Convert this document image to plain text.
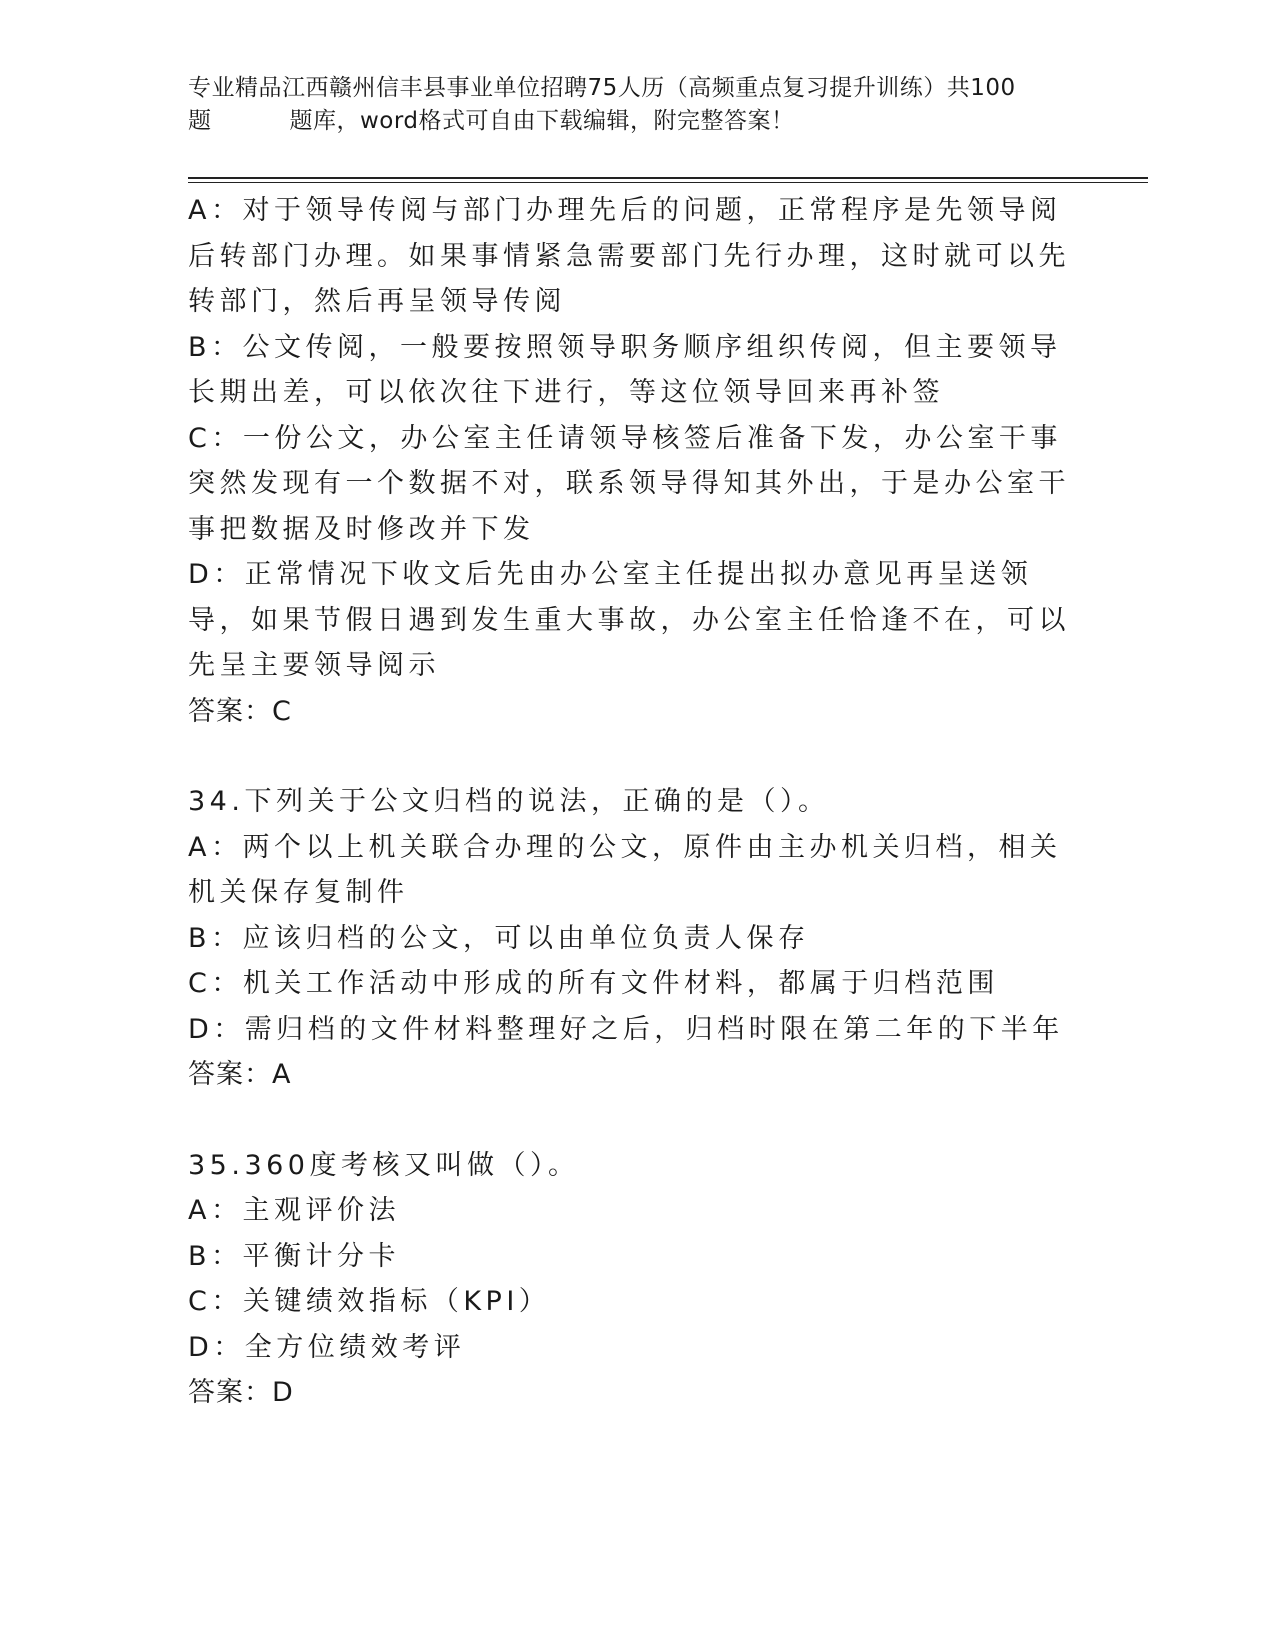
专业精品江西赣州信丰县事业单位招聘75人历（高频重点复习提升训练）共100
题	题库，word格式可自由下载编辑，附完整答案！

A：对于领导传阅与部门办理先后的问题，正常程序是先领导阅后转部门办理。如果事情紧急需要部门先行办理，这时就可以先转部门，然后再呈领导传阅

B：公文传阅，一般要按照领导职务顺序组织传阅，但主要领导长期出差，可以依次往下进行，等这位领导回来再补签

C：一份公文，办公室主任请领导核签后准备下发，办公室干事突然发现有一个数据不对，联系领导得知其外出，于是办公室干事把数据及时修改并下发

D：正常情况下收文后先由办公室主任提出拟办意见再呈送领导，如果节假日遇到发生重大事故，办公室主任恰逢不在，可以先呈主要领导阅示

答案：C

34.下列关于公文归档的说法，正确的是（）。

A：两个以上机关联合办理的公文，原件由主办机关归档，相关机关保存复制件

B：应该归档的公文，可以由单位负责人保存

C：机关工作活动中形成的所有文件材料，都属于归档范围

D：需归档的文件材料整理好之后，归档时限在第二年的下半年

答案：A

35.360度考核又叫做（）。

A：主观评价法

B：平衡计分卡

C：关键绩效指标（KPI）

D：全方位绩效考评

答案：D
